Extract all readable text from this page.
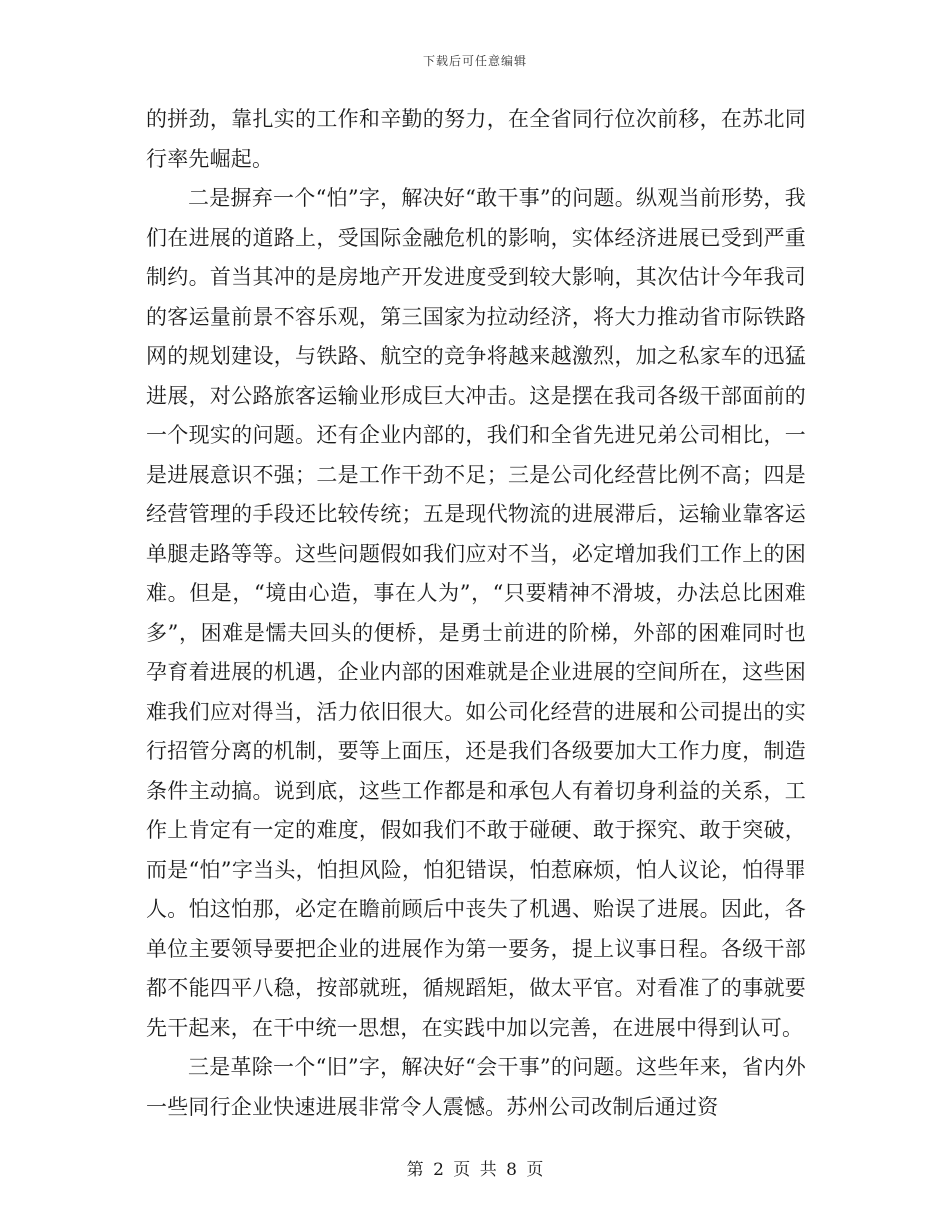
下载后可任意编辑

的拼劲，靠扎实的工作和辛勤的努力，在全省同行位次前移，在苏北同行率先崛起。

二是摒弃一个“怕”字，解决好“敢干事”的问题。纵观当前形势，我们在进展的道路上，受国际金融危机的影响，实体经济进展已受到严重制约。首当其冲的是房地产开发进度受到较大影响，其次估计今年我司的客运量前景不容乐观，第三国家为拉动经济，将大力推动省市际铁路网的规划建设，与铁路、航空的竞争将越来越激烈，加之私家车的迅猛进展，对公路旅客运输业形成巨大冲击。这是摆在我司各级干部面前的一个现实的问题。还有企业内部的，我们和全省先进兄弟公司相比，一是进展意识不强；二是工作干劲不足；三是公司化经营比例不高；四是经营管理的手段还比较传统；五是现代物流的进展滞后，运输业靠客运单腿走路等等。这些问题假如我们应对不当，必定增加我们工作上的困难。但是，“境由心造，事在人为”，“只要精神不滑坡，办法总比困难多”，困难是懦夫回头的便桥，是勇士前进的阶梯，外部的困难同时也孕育着进展的机遇，企业内部的困难就是企业进展的空间所在，这些困难我们应对得当，活力依旧很大。如公司化经营的进展和公司提出的实行招管分离的机制，要等上面压，还是我们各级要加大工作力度，制造条件主动搞。说到底，这些工作都是和承包人有着切身利益的关系，工作上肯定有一定的难度，假如我们不敢于碰硬、敢于探究、敢于突破，而是“怕”字当头，怕担风险，怕犯错误，怕惹麻烦，怕人议论，怕得罪人。怕这怕那，必定在瞻前顾后中丧失了机遇、贻误了进展。因此，各单位主要领导要把企业的进展作为第一要务，提上议事日程。各级干部都不能四平八稳，按部就班，循规蹈矩，做太平官。对看准了的事就要先干起来，在干中统一思想，在实践中加以完善，在进展中得到认可。

三是革除一个“旧”字，解决好“会干事”的问题。这些年来，省内外一些同行企业快速进展非常令人震憾。苏州公司改制后通过资

第 2 页 共 8 页
